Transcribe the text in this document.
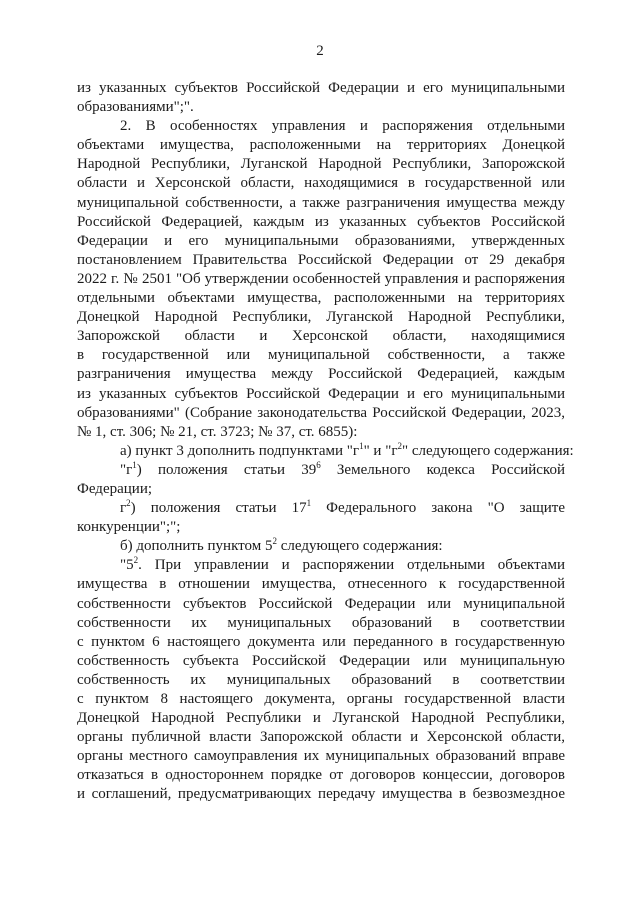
2
из указанных субъектов Российской Федерации и его муниципальными
образованиями";".
2. В особенностях управления и распоряжения отдельными
объектами имущества, расположенными на территориях Донецкой
Народной Республики, Луганской Народной Республики, Запорожской
области и Херсонской области, находящимися в государственной или
муниципальной собственности, а также разграничения имущества между
Российской Федерацией, каждым из указанных субъектов Российской
Федерации и его муниципальными образованиями, утвержденных
постановлением Правительства Российской Федерации от 29 декабря
2022 г. № 2501 "Об утверждении особенностей управления и распоряжения
отдельными объектами имущества, расположенными на территориях
Донецкой Народной Республики, Луганской Народной Республики,
Запорожской области и Херсонской области, находящимися
в государственной или муниципальной собственности, а также
разграничения имущества между Российской Федерацией, каждым
из указанных субъектов Российской Федерации и его муниципальными
образованиями" (Собрание законодательства Российской Федерации, 2023,
№ 1, ст. 306; № 21, ст. 3723; № 37, ст. 6855):
а) пункт 3 дополнить подпунктами "$г^1$" и "$г^2$" следующего содержания:
"$г^1$) положения статьи $39^6$ Земельного кодекса Российской
Федерации;
$г^2$) положения статьи $17^1$ Федерального закона "О защите
конкуренции";";
б) дополнить пунктом $5^2$ следующего содержания:
"$5^2$. При управлении и распоряжении отдельными объектами
имущества в отношении имущества, отнесенного к государственной
собственности субъектов Российской Федерации или муниципальной
собственности их муниципальных образований в соответствии
с пунктом 6 настоящего документа или переданного в государственную
собственность субъекта Российской Федерации или муниципальную
собственность их муниципальных образований в соответствии
с пунктом 8 настоящего документа, органы государственной власти
Донецкой Народной Республики и Луганской Народной Республики,
органы публичной власти Запорожской области и Херсонской области,
органы местного самоуправления их муниципальных образований вправе
отказаться в одностороннем порядке от договоров концессии, договоров
и соглашений, предусматривающих передачу имущества в безвозмездное
